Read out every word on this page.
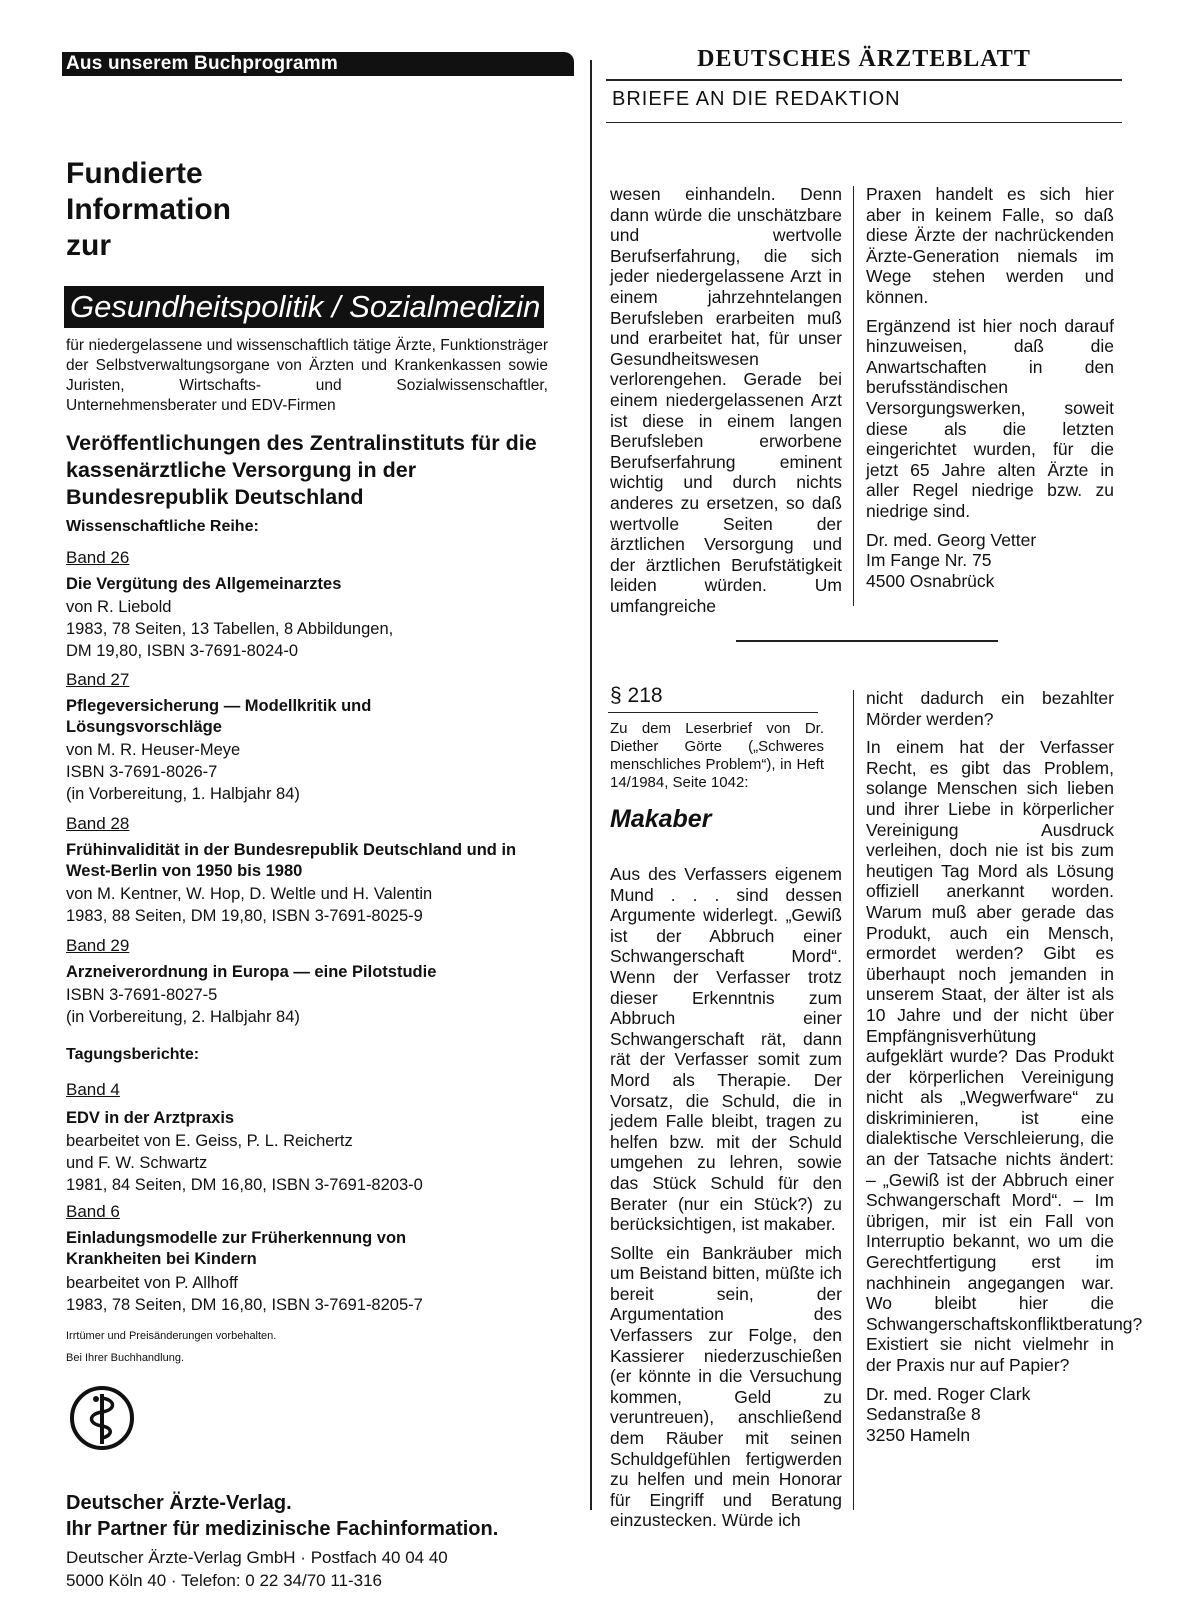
Aus unserem Buchprogramm
Fundierte
Information
zur
Gesundheitspolitik / Sozialmedizin
für niedergelassene und wissenschaftlich tätige Ärzte, Funktionsträger der Selbstverwaltungsorgane von Ärzten und Krankenkassen sowie Juristen, Wirtschafts- und Sozialwissenschaftler, Unternehmensberater und EDV-Firmen
Veröffentlichungen des Zentralinstituts für die kassenärztliche Versorgung in der Bundesrepublik Deutschland
Wissenschaftliche Reihe:
Band 26
Die Vergütung des Allgemeinarztes
von R. Liebold
1983, 78 Seiten, 13 Tabellen, 8 Abbildungen,
DM 19,80, ISBN 3-7691-8024-0
Band 27
Pflegeversicherung — Modellkritik und Lösungsvorschläge
von M. R. Heuser-Meye
ISBN 3-7691-8026-7
(in Vorbereitung, 1. Halbjahr 84)
Band 28
Frühinvalidität in der Bundesrepublik Deutschland und in West-Berlin von 1950 bis 1980
von M. Kentner, W. Hop, D. Weltle und H. Valentin
1983, 88 Seiten, DM 19,80, ISBN 3-7691-8025-9
Band 29
Arzneiverordnung in Europa — eine Pilotstudie
ISBN 3-7691-8027-5
(in Vorbereitung, 2. Halbjahr 84)
Tagungsberichte:
Band 4
EDV in der Arztpraxis
bearbeitet von E. Geiss, P. L. Reichertz
und F. W. Schwartz
1981, 84 Seiten, DM 16,80, ISBN 3-7691-8203-0
Band 6
Einladungsmodelle zur Früherkennung von Krankheiten bei Kindern
bearbeitet von P. Allhoff
1983, 78 Seiten, DM 16,80, ISBN 3-7691-8205-7
Irrtümer und Preisänderungen vorbehalten.
Bei Ihrer Buchhandlung.
Deutscher Ärzte-Verlag.
Ihr Partner für medizinische Fachinformation.
Deutscher Ärzte-Verlag GmbH · Postfach 40 04 40
5000 Köln 40 · Telefon: 0 22 34/70 11-316
DEUTSCHES ÄRZTEBLATT
BRIEFE AN DIE REDAKTION

wesen einhandeln. Denn dann würde die unschätzbare und wertvolle Berufserfahrung, die sich jeder niedergelassene Arzt in einem jahrzehntelangen Berufsleben erarbeiten muß und erarbeitet hat, für unser Gesundheitswesen verlorengehen. Gerade bei einem niedergelassenen Arzt ist diese in einem langen Berufsleben erworbene Berufserfahrung eminent wichtig und durch nichts anderes zu ersetzen, so daß wertvolle Seiten der ärztlichen Versorgung und der ärztlichen Berufstätigkeit leiden würden. Um umfangreiche

Praxen handelt es sich hier aber in keinem Falle, so daß diese Ärzte der nachrückenden Ärzte-Generation niemals im Wege stehen werden und können.

Ergänzend ist hier noch darauf hinzuweisen, daß die Anwartschaften in den berufsständischen Versorgungswerken, soweit diese als die letzten eingerichtet wurden, für die jetzt 65 Jahre alten Ärzte in aller Regel niedrige bzw. zu niedrige sind.

Dr. med. Georg Vetter
Im Fange Nr. 75
4500 Osnabrück
§ 218
Zu dem Leserbrief von Dr. Diether Görte („Schweres menschliches Problem“), in Heft 14/1984, Seite 1042:
Makaber

Aus des Verfassers eigenem Mund . . . sind dessen Argumente widerlegt. „Gewiß ist der Abbruch einer Schwangerschaft Mord“. Wenn der Verfasser trotz dieser Erkenntnis zum Abbruch einer Schwangerschaft rät, dann rät der Verfasser somit zum Mord als Therapie. Der Vorsatz, die Schuld, die in jedem Falle bleibt, tragen zu helfen bzw. mit der Schuld umgehen zu lehren, sowie das Stück Schuld für den Berater (nur ein Stück?) zu berücksichtigen, ist makaber.

Sollte ein Bankräuber mich um Beistand bitten, müßte ich bereit sein, der Argumentation des Verfassers zur Folge, den Kassierer niederzuschießen (er könnte in die Versuchung kommen, Geld zu veruntreuen), anschließend dem Räuber mit seinen Schuldgefühlen fertigwerden zu helfen und mein Honorar für Eingriff und Beratung einzustecken. Würde ich

nicht dadurch ein bezahlter Mörder werden?

In einem hat der Verfasser Recht, es gibt das Problem, solange Menschen sich lieben und ihrer Liebe in körperlicher Vereinigung Ausdruck verleihen, doch nie ist bis zum heutigen Tag Mord als Lösung offiziell anerkannt worden. Warum muß aber gerade das Produkt, auch ein Mensch, ermordet werden? Gibt es überhaupt noch jemanden in unserem Staat, der älter ist als 10 Jahre und der nicht über Empfängnisverhütung aufgeklärt wurde? Das Produkt der körperlichen Vereinigung nicht als „Wegwerfware“ zu diskriminieren, ist eine dialektische Verschleierung, die an der Tatsache nichts ändert: – „Gewiß ist der Abbruch einer Schwangerschaft Mord“. – Im übrigen, mir ist ein Fall von Interruptio bekannt, wo um die Gerechtfertigung erst im nachhinein angegangen war. Wo bleibt hier die Schwangerschaftskonfliktberatung? Existiert sie nicht vielmehr in der Praxis nur auf Papier?

Dr. med. Roger Clark
Sedanstraße 8
3250 Hameln
